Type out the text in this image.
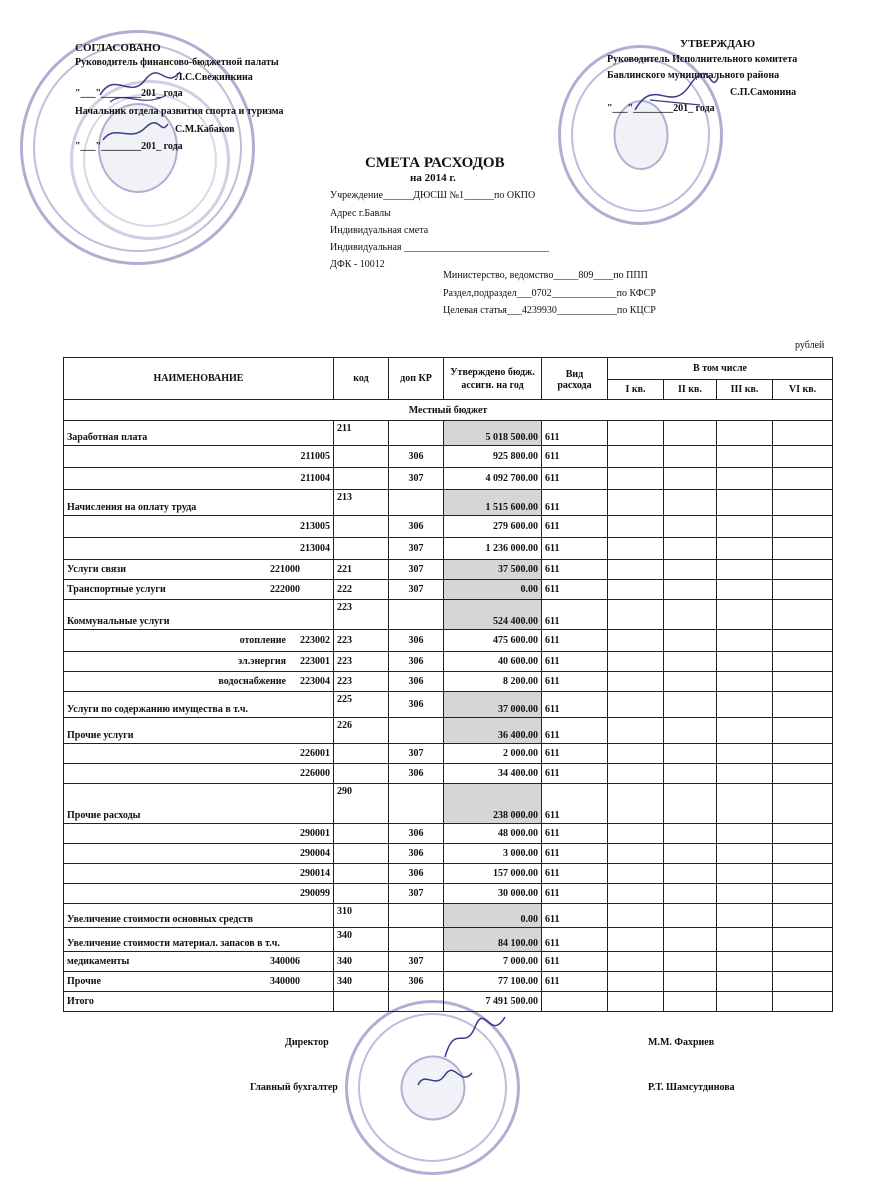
СОГЛАСОВАНО
Руководитель финансово-бюджетной палаты
Л.С.Свежинкина
"___"________201_ года
Начальник отдела развития спорта и туризма
С.М.Кабаков
"___"________201_ года
УТВЕРЖДАЮ
Руководитель Исполнительного комитета
Бавлинского муниципального района
С.П.Самонина
"___"________201_ года
СМЕТА РАСХОДОВ
на 2014 г.
Учреждение______ДЮСШ №1______по ОКПО
Адрес г.Бавлы
Индивидуальная смета
Индивидуальная _____________________________
ДФК - 10012
Министерство, ведомство_____809____по ППП
Раздел,подраздел___0702_____________по КФСР
Целевая статья___4239930____________по КЦСР
рублей
НАИМЕНОВАНИЕ	код	доп КР	Утверждено бюдж. ассигн. на год	Вид	В том числе			
				расхода	I кв.	II кв.	III кв.	VI кв.
Местный бюджет								

Заработная плата	211		5 018 500.00	611				

211005		306	925 800.00	611				

211004		307	4 092 700.00	611				

Начисления на оплату труда	213		1 515 600.00	611				

213005		306	279 600.00	611				

213004		307	1 236 000.00	611				

Услуги связи 221000	221	307	37 500.00	611				

Транспортные услуги 222000	222	307	0.00	611				

Коммунальные услуги	223		524 400.00	611				

отопление 223002	223	306	475 600.00	611				

эл.энергия 223001	223	306	40 600.00	611				

водоснабжение 223004	223	306	8 200.00	611				

Услуги по содержанию имущества в т.ч.	225	306	37 000.00	611				

Прочие услуги	226		36 400.00	611				

226001		307	2 000.00	611				

226000		306	34 400.00	611				

Прочие расходы	290		238 000.00	611				

290001		306	48 000.00	611				

290004		306	3 000.00	611				

290014		306	157 000.00	611				

290099		307	30 000.00	611				

Увеличение стоимости основных средств	310		0.00	611				

Увеличение стоимости материал. запасов в т.ч.	340		84 100.00	611				

медикаменты 340006	340	307	7 000.00	611				

Прочие 340000	340	306	77 100.00	611				

Итого			7 491 500.00					
Директор	М.М. Фахриев
Главный бухгалтер	Р.Т. Шамсутдинова
